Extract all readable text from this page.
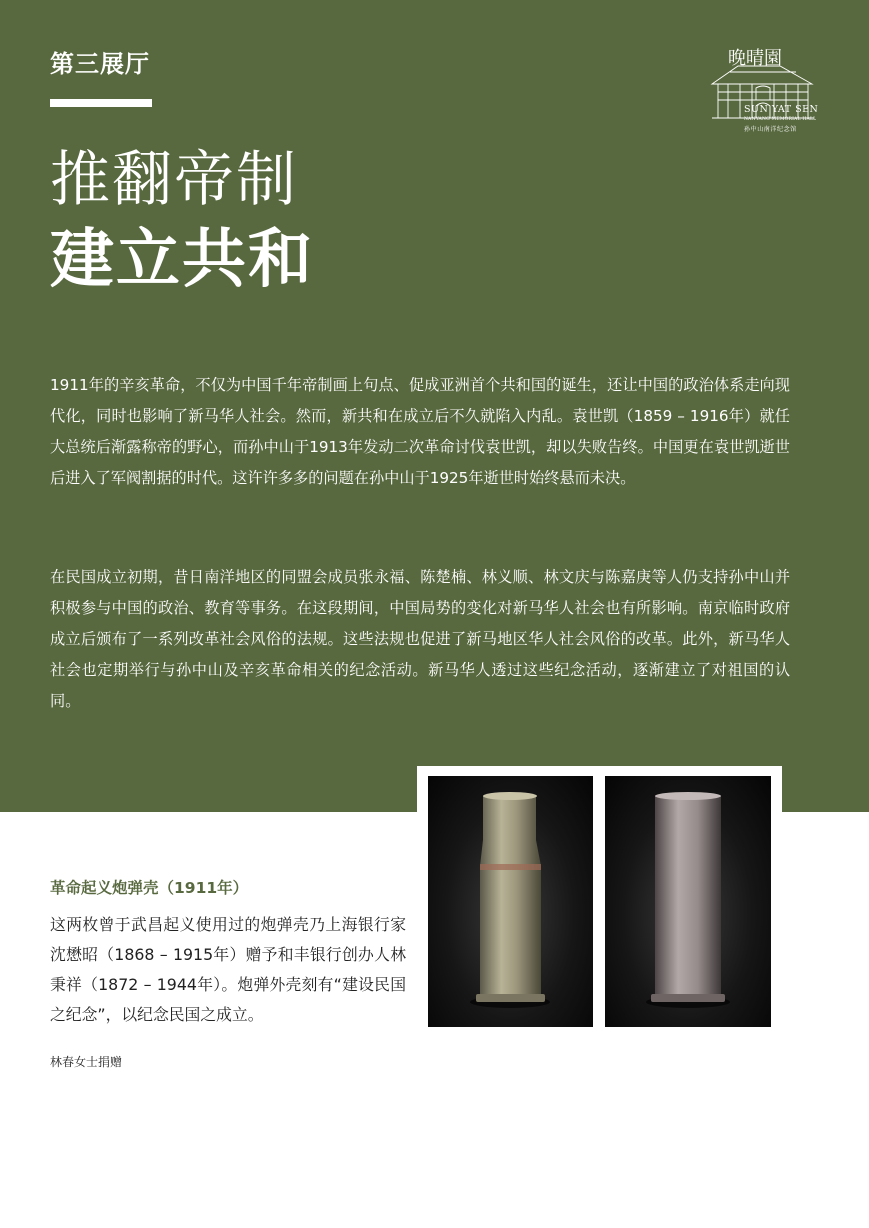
第三展厅
推翻帝制
建立共和
晚晴園
SUN YAT SEN
NANYANG MEMORIAL HALL
孙中山南洋纪念馆

1911年的辛亥革命，不仅为中国千年帝制画上句点、促成亚洲首个共和国的诞生，还让中国的政治体系走向现代化，同时也影响了新马华人社会。然而，新共和在成立后不久就陷入内乱。袁世凯（1859 – 1916年）就任大总统后渐露称帝的野心，而孙中山于1913年发动二次革命讨伐袁世凯，却以失败告终。中国更在袁世凯逝世后进入了军阀割据的时代。这许许多多的问题在孙中山于1925年逝世时始终悬而未决。

在民国成立初期，昔日南洋地区的同盟会成员张永福、陈楚楠、林义顺、林文庆与陈嘉庚等人仍支持孙中山并积极参与中国的政治、教育等事务。在这段期间，中国局势的变化对新马华人社会也有所影响。南京临时政府成立后颁布了一系列改革社会风俗的法规。这些法规也促进了新马地区华人社会风俗的改革。此外，新马华人社会也定期举行与孙中山及辛亥革命相关的纪念活动。新马华人透过这些纪念活动，逐渐建立了对祖国的认同。

革命起义炮弹壳（1911年）

这两枚曾于武昌起义使用过的炮弹壳乃上海银行家沈懋昭（1868 – 1915年）赠予和丰银行创办人林秉祥（1872 – 1944年）。炮弹外壳刻有“建设民国之纪念”，以纪念民国之成立。

林春女士捐赠
